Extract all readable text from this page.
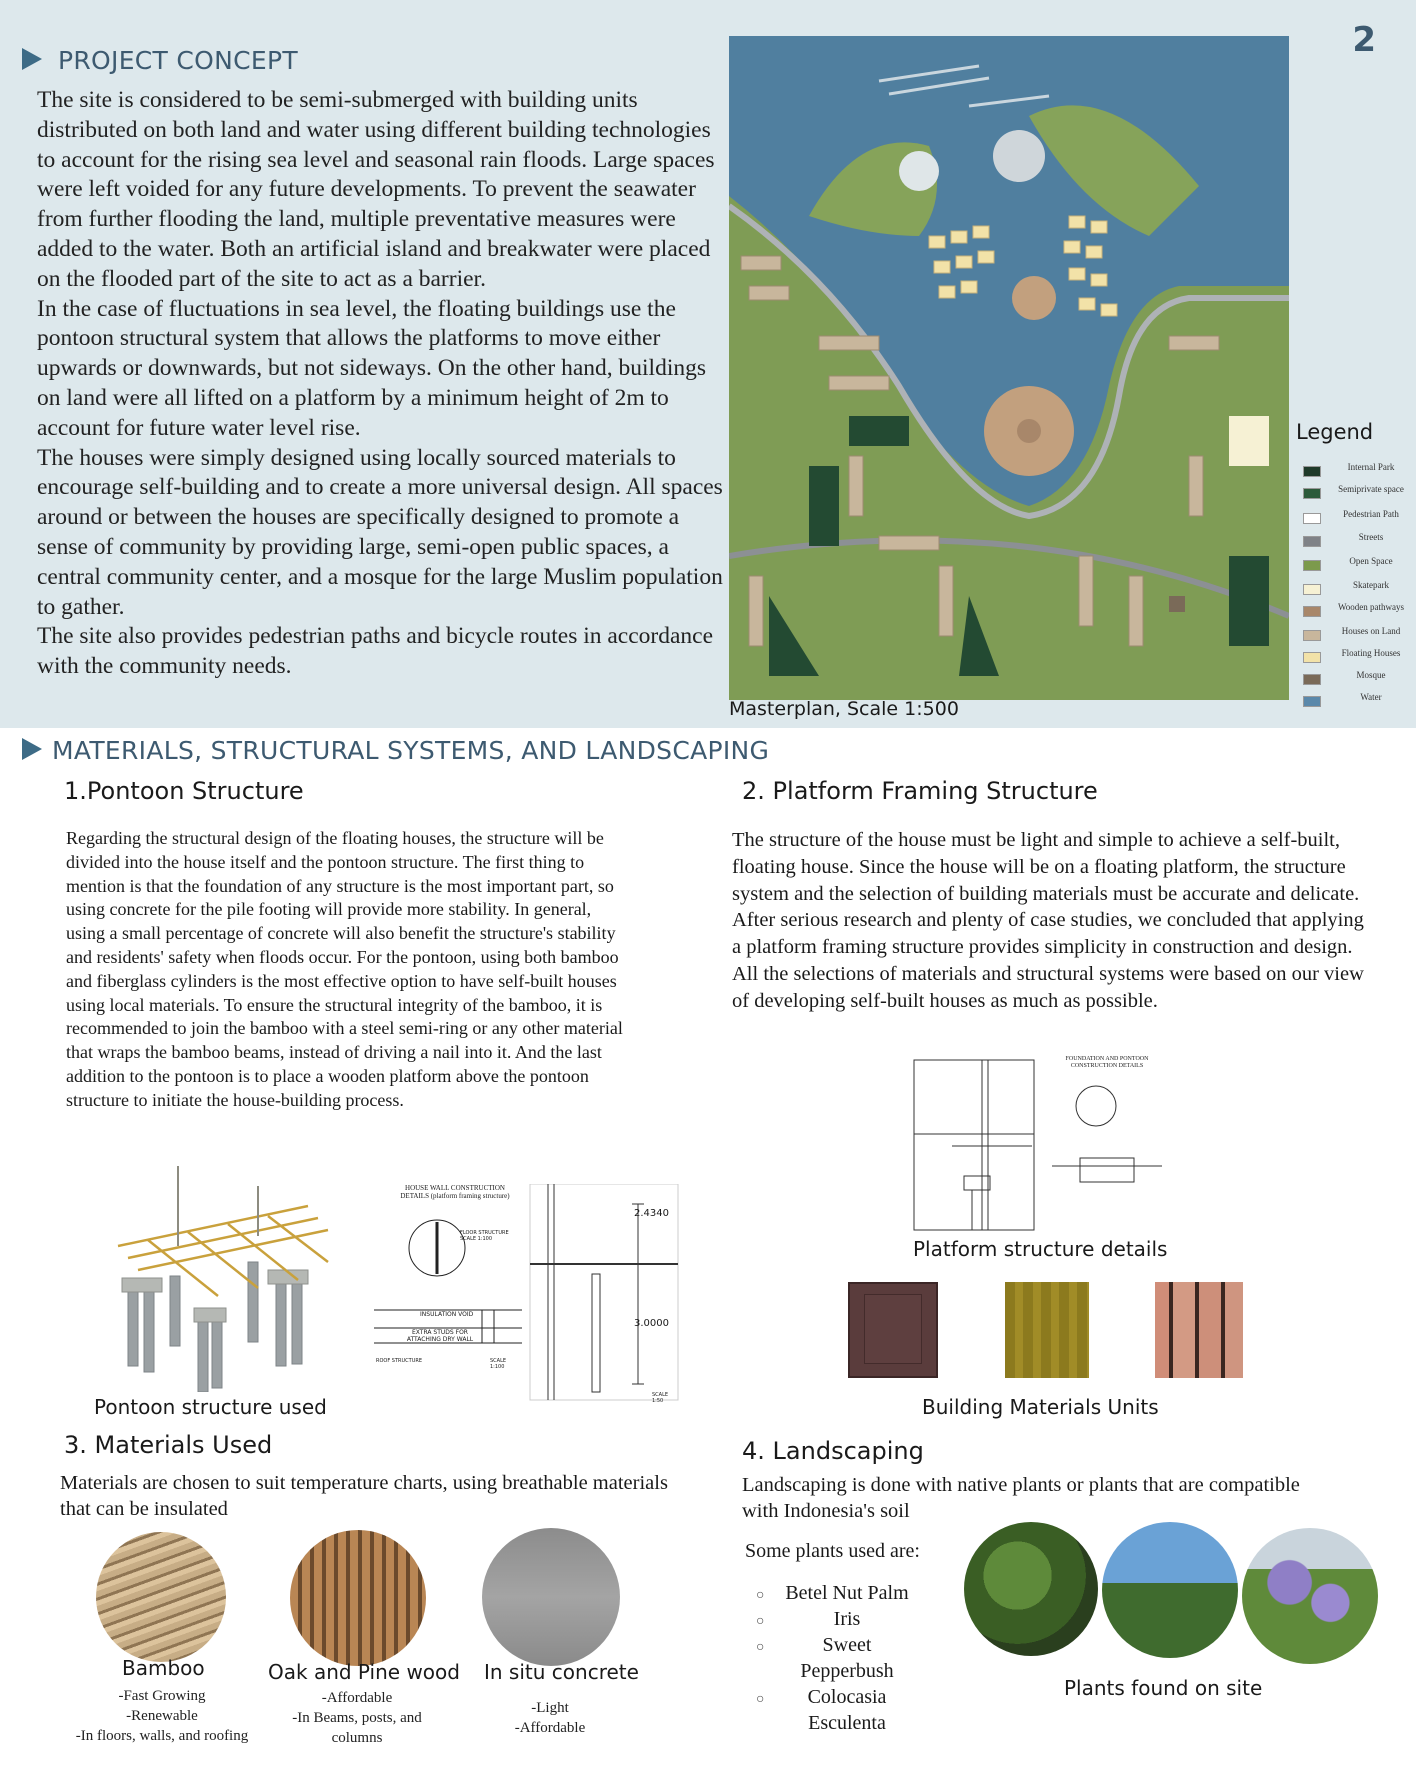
PROJECT CONCEPT
2

The site is considered to be semi-submerged with building units distributed on both land and water using different building technologies to account for the rising sea level and seasonal rain floods. Large spaces were left voided for any future developments. To prevent the seawater from further flooding the land, multiple preventative measures were added to the water. Both an artificial island and breakwater were placed on the flooded part of the site to act as a barrier.

In the case of fluctuations in sea level, the floating buildings use the pontoon structural system that allows the platforms to move either upwards or downwards, but not sideways. On the other hand, buildings on land were all lifted on a platform by a minimum height of 2m to account for future water level rise.

The houses were simply designed using locally sourced materials to encourage self-building and to create a more universal design. All spaces around or between the houses are specifically designed to promote a sense of community by providing large, semi-open public spaces, a central community center, and a mosque for the large Muslim population to gather.

The site also provides pedestrian paths and bicycle routes in accordance with the community needs.

Masterplan, Scale 1:500
Legend
Internal Park
Semiprivate space
Pedestrian Path
Streets
Open Space
Skatepark
Wooden pathways
Houses on Land
Floating Houses
Mosque
Water
MATERIALS, STRUCTURAL SYSTEMS, AND LANDSCAPING
1.Pontoon Structure
Regarding the structural design of the floating houses, the structure will be divided into the house itself and the pontoon structure. The first thing to mention is that the foundation of any structure is the most important part, so using concrete for the pile footing will provide more stability. In general, using a small percentage of concrete will also benefit the structure's stability and residents' safety when floods occur. For the pontoon, using both bamboo and fiberglass cylinders is the most effective option to have self-built houses using local materials. To ensure the structural integrity of the bamboo, it is recommended to join the bamboo with a steel semi-ring or any other material that wraps the bamboo beams, instead of driving a nail into it. And the last addition to the pontoon is to place a wooden platform above the pontoon structure to initiate the house-building process.
Pontoon structure used
HOUSE WALL CONSTRUCTION DETAILS (platform framing structure)
FLOOR STRUCTURE
SCALE 1:100
INSULATION VOID
EXTRA STUDS FOR ATTACHING DRY WALL
ROOF STRUCTURE	SCALE 1:100
2.4340
3.0000
SCALE 1:50
2. Platform Framing Structure
The structure of the house must be light and simple to achieve a self-built, floating house. Since the house will be on a floating platform, the structure system and the selection of building materials must be accurate and delicate. After serious research and plenty of case studies, we concluded that applying a platform framing structure provides simplicity in construction and design. All the selections of materials and structural systems were based on our view of developing self-built houses as much as possible.
FOUNDATION AND PONTOON CONSTRUCTION DETAILS
Platform structure details
Building Materials Units
3. Materials Used
Materials are chosen to suit temperature charts, using breathable materials that can be insulated
Bamboo
-Fast Growing
-Renewable
-In floors, walls, and roofing
Oak and Pine wood
-Affordable
-In Beams, posts, and
columns
In situ concrete
-Light
-Affordable
4. Landscaping
Landscaping is done with native plants or plants that are compatible with Indonesia's soil
Some plants used are:
○ Betel Nut Palm
○	Iris
○	Sweet
Pepperbush
○	Colocasia
Esculenta
Plants found on site
